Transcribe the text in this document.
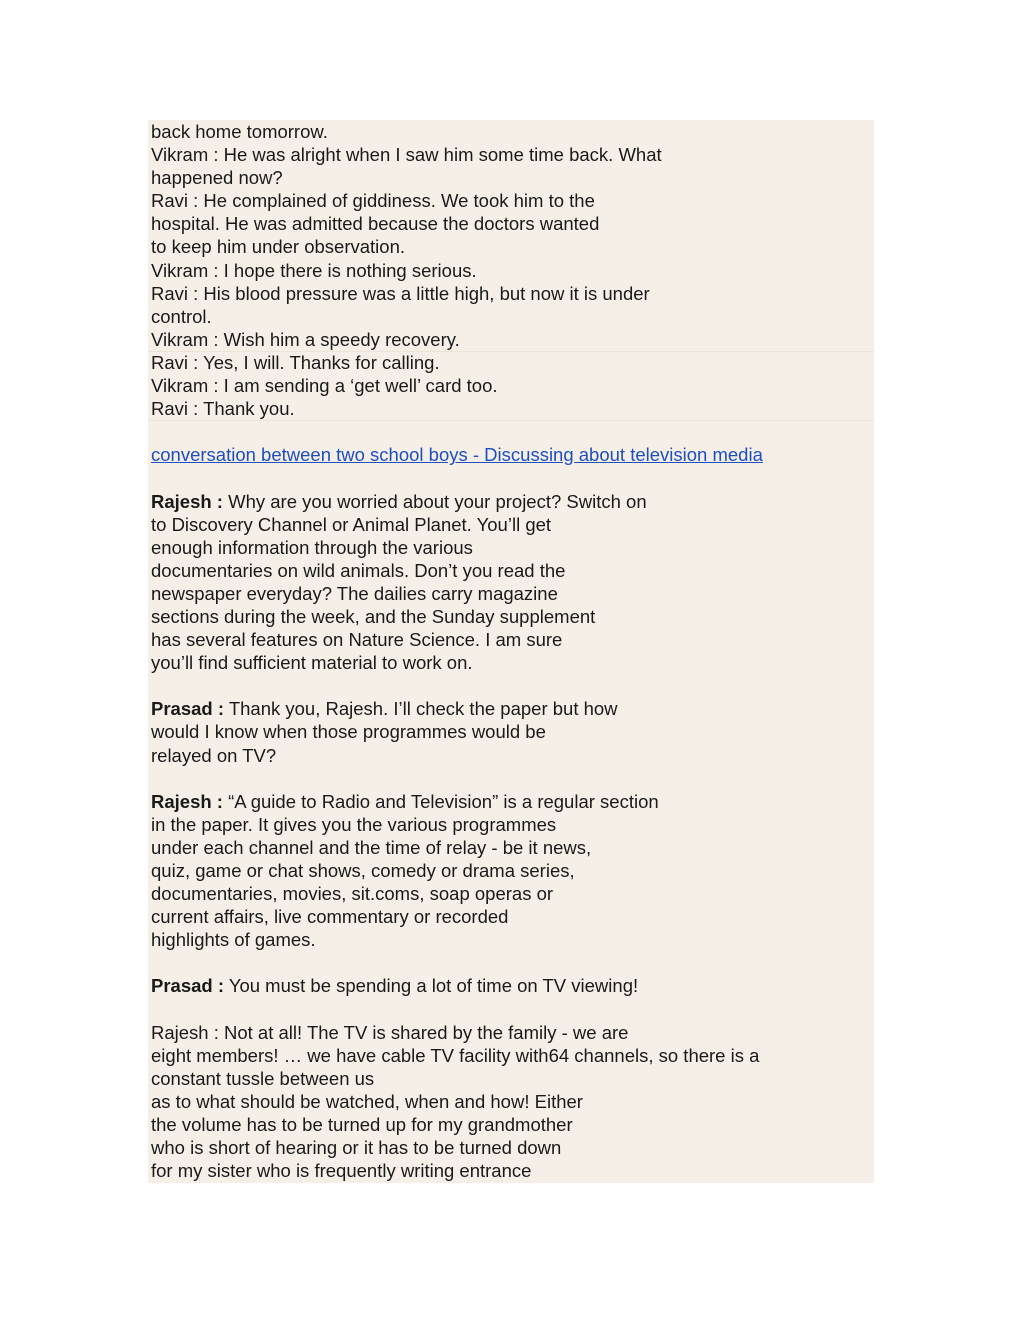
back home tomorrow.
Vikram : He was alright when I saw him some time back. What
happened now?
Ravi : He complained of giddiness. We took him to the
hospital. He was admitted because the doctors wanted
to keep him under observation.
Vikram : I hope there is nothing serious.
Ravi : His blood pressure was a little high, but now it is under
control.
Vikram : Wish him a speedy recovery.
Ravi : Yes, I will. Thanks for calling.
Vikram : I am sending a ‘get well’ card too.
Ravi : Thank you.
conversation between two school boys - Discussing about television media
Rajesh : Why are you worried about your project? Switch on
to Discovery Channel or Animal Planet. You’ll get
enough information through the various
documentaries on wild animals. Don’t you read the
newspaper everyday? The dailies carry magazine
sections during the week, and the Sunday supplement
has several features on Nature Science. I am sure
you’ll find sufficient material to work on.
Prasad : Thank you, Rajesh. I’ll check the paper but how
would I know when those programmes would be
relayed on TV?
Rajesh : “A guide to Radio and Television” is a regular section
in the paper. It gives you the various programmes
under each channel and the time of relay - be it news,
quiz, game or chat shows, comedy or drama series,
documentaries, movies, sit.coms, soap operas or
current affairs, live commentary or recorded
highlights of games.
Prasad : You must be spending a lot of time on TV viewing!
Rajesh : Not at all! The TV is shared by the family - we are
eight members! … we have cable TV facility with64 channels, so there is a
constant tussle between us
as to what should be watched, when and how! Either
the volume has to be turned up for my grandmother
who is short of hearing or it has to be turned down
for my sister who is frequently writing entrance
